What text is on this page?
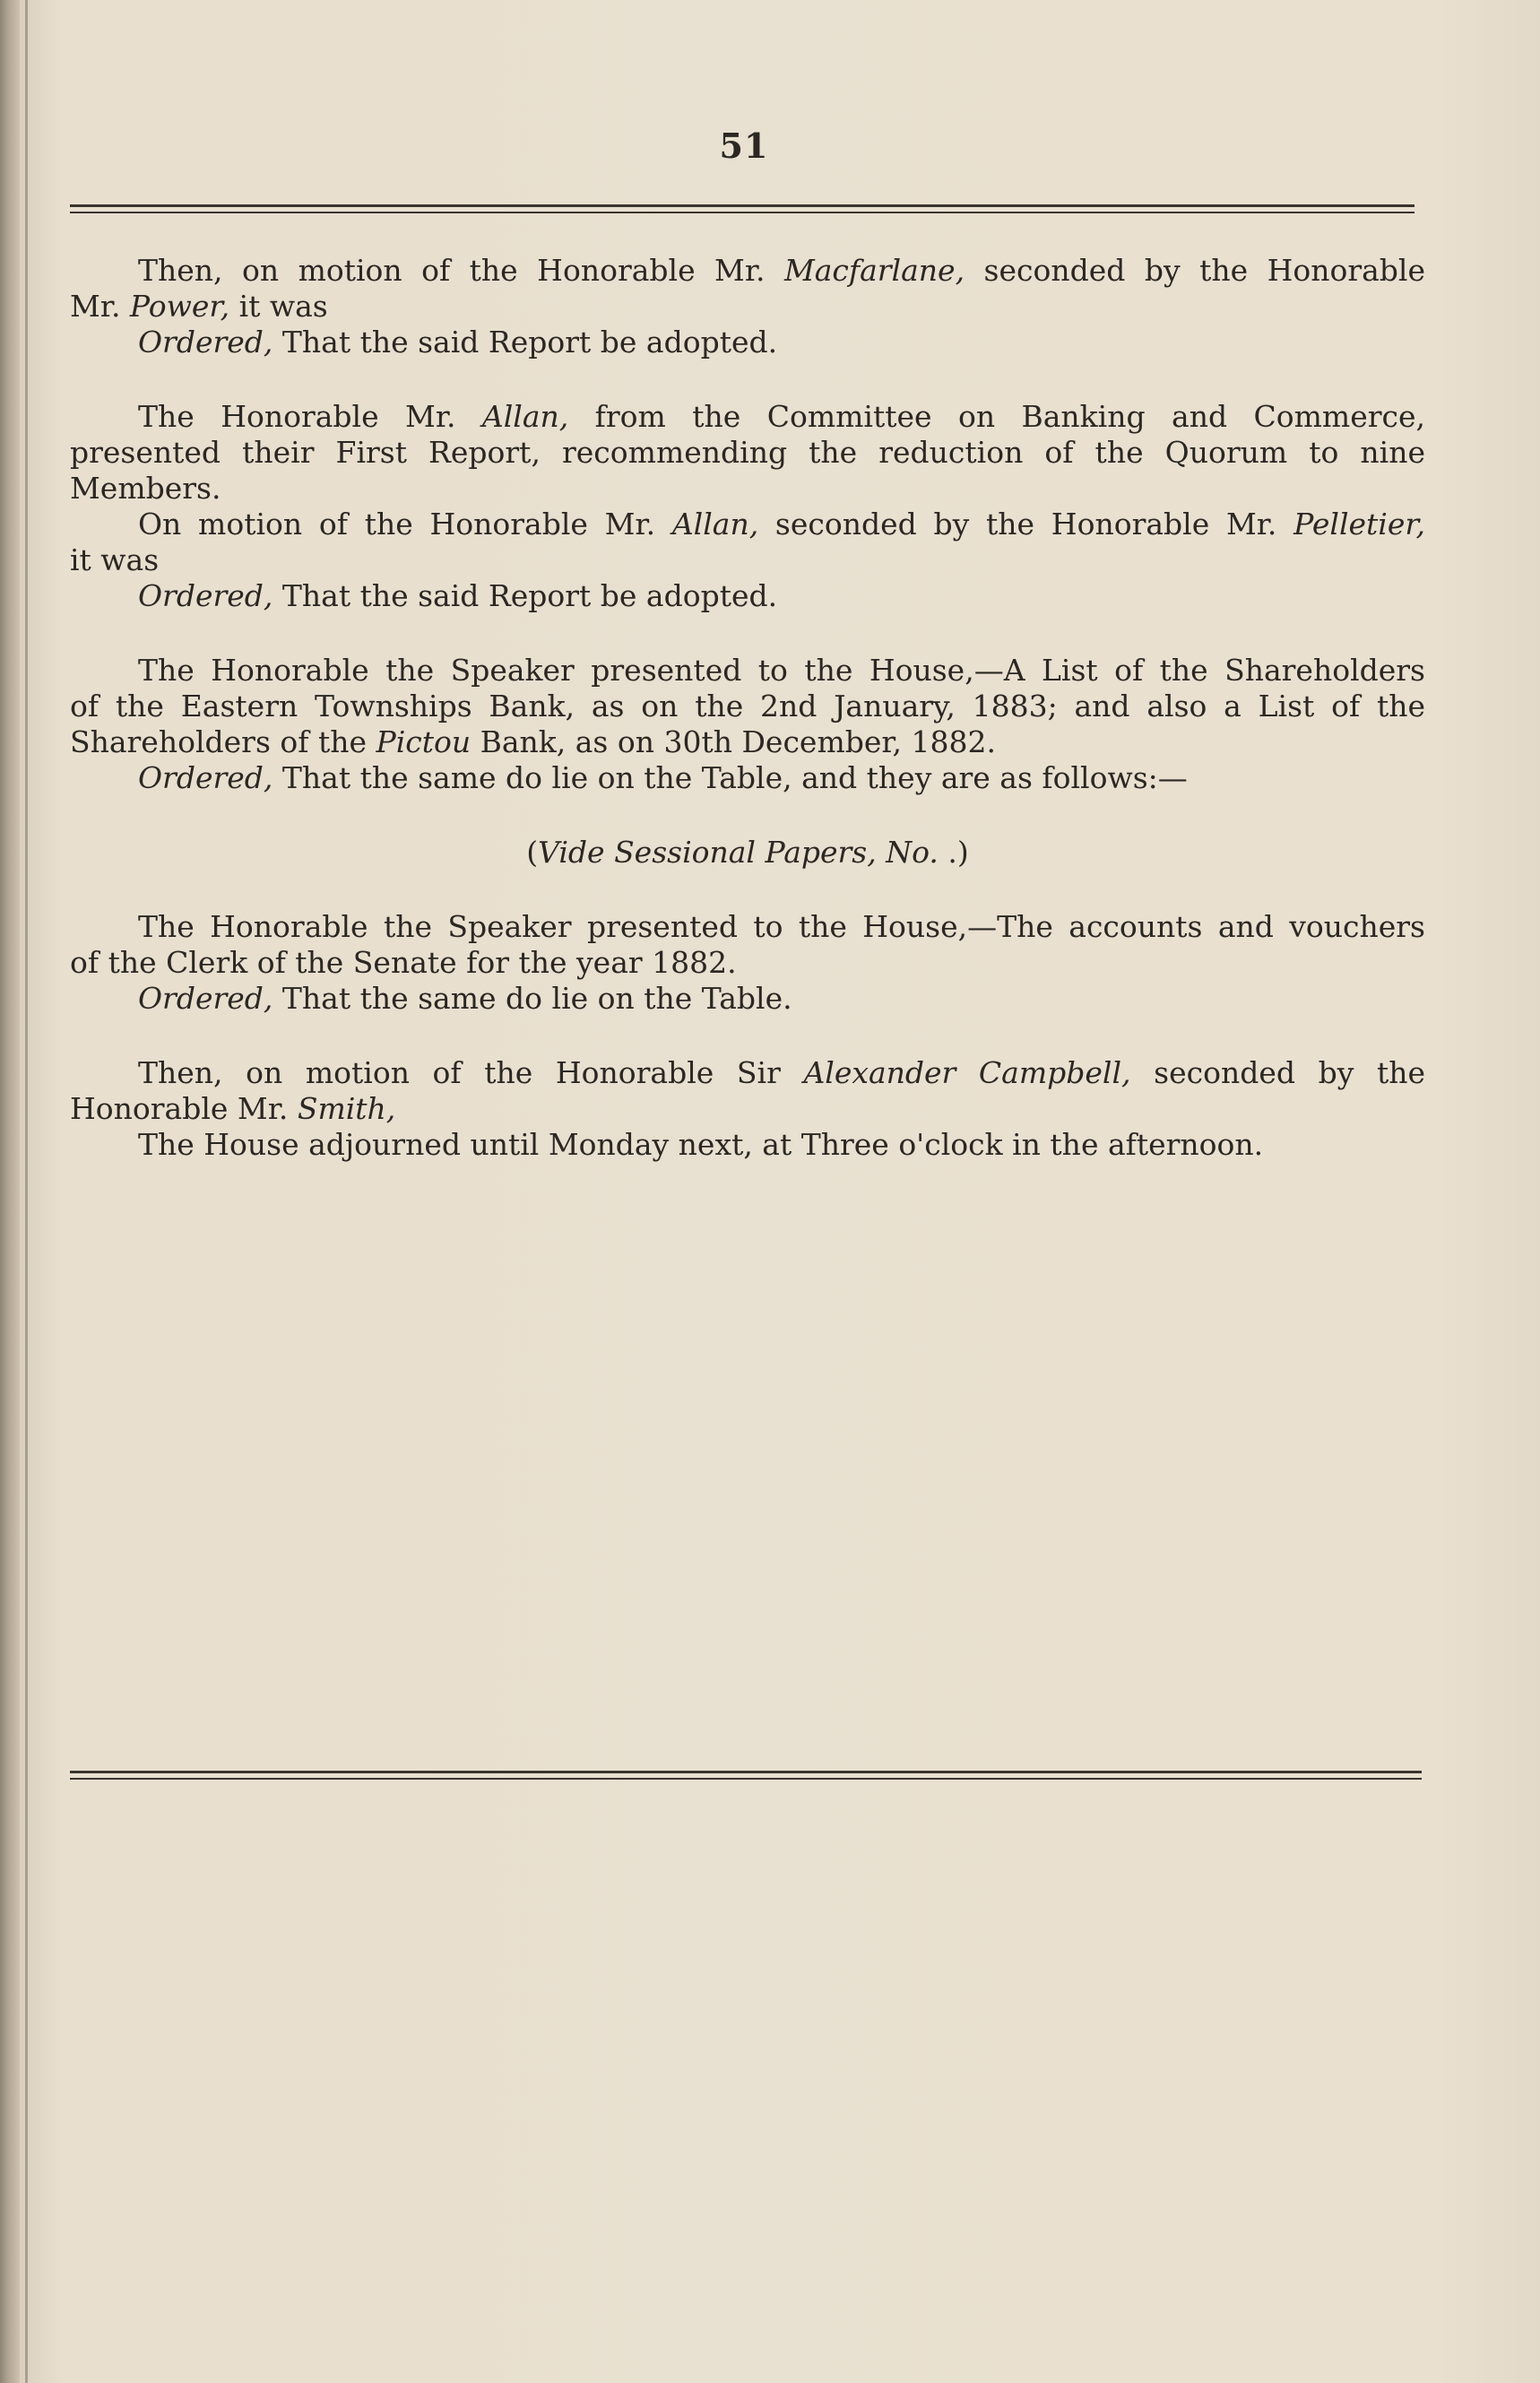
51
Then, on motion of the Honorable Mr. Macfarlane, seconded by the Honorable
Mr. Power, it was
Ordered, That the said Report be adopted.
The Honorable Mr. Allan, from the Committee on Banking and Commerce,
presented their First Report, recommending the reduction of the Quorum to nine
Members.
On motion of the Honorable Mr. Allan, seconded by the Honorable Mr. Pelletier,
it was
Ordered, That the said Report be adopted.
The Honorable the Speaker presented to the House,—A List of the Shareholders
of the Eastern Townships Bank, as on the 2nd January, 1883; and also a List of the
Shareholders of the Pictou Bank, as on 30th December, 1882.
Ordered, That the same do lie on the Table, and they are as follows:—
(Vide Sessional Papers, No. .)
The Honorable the Speaker presented to the House,—The accounts and vouchers
of the Clerk of the Senate for the year 1882.
Ordered, That the same do lie on the Table.
Then, on motion of the Honorable Sir Alexander Campbell, seconded by the
Honorable Mr. Smith,
The House adjourned until Monday next, at Three o'clock in the afternoon.
